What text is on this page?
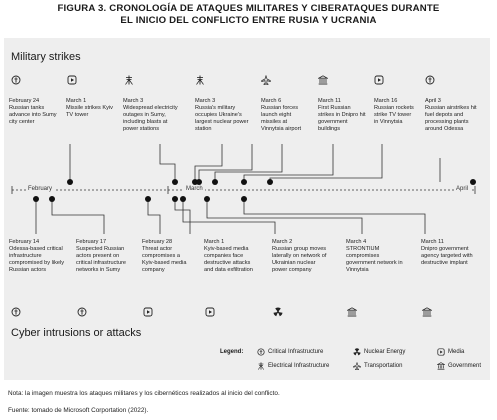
FIGURA 3. CRONOLOGÍA DE ATAQUES MILITARES Y CIBERATAQUES DURANTE
EL INICIO DEL CONFLICTO ENTRE RUSIA Y UCRANIA
Military strikes
Cyber intrusions or attacks
February	March	April
February 24
Russian tanks advance into Sumy city center
March 1
Missile strikes Kyiv TV tower
March 3
Widespread electricity outages in Sumy, including blasts at power stations
March 3
Russia's military occupies Ukraine's largest nuclear power station
March 6
Russian forces launch eight missiles at Vinnytsia airport
March 11
First Russian strikes in Dnipro hit government buildings
March 16
Russian rockets strike TV tower in Vinnytsia
April 3
Russian airstrikes hit fuel depots and processing plants around Odessa
February 14
Odessa-based critical infrastructure compromised by likely Russian actors
February 17
Suspected Russian actors present on critical infrastructure networks in Sumy
February 28
Threat actor compromises a Kyiv-based media company
March 1
Kyiv-based media companies face destructive attacks and data exfiltration
March 2
Russian group moves laterally on network of Ukrainian nuclear power company
March 4
STRONTIUM compromises government network in Vinnytsia
March 11
Dnipro government agency targeted with destructive implant
Legend:	Critical Infrastructure
Electrical Infrastructure
Nuclear Energy
Transportation
Media
Government
Nota: la imagen muestra los ataques militares y los cibernéticos realizados al inicio del conflicto.
Fuente: tomado de Microsoft Corportation (2022).
